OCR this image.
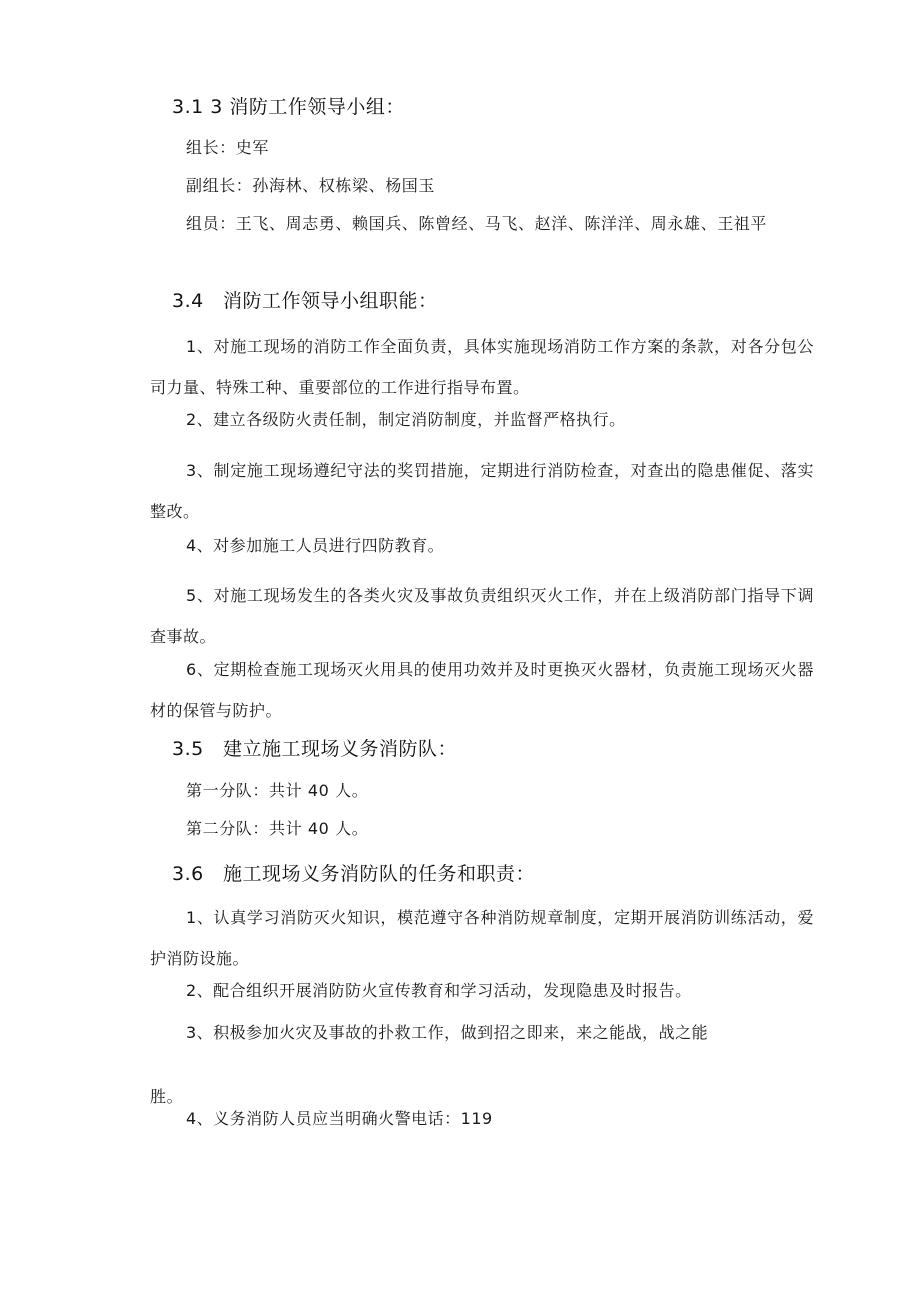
3.1 3 消防工作领导小组：
组长：史军
副组长：孙海林、权栋梁、杨国玉
组员：王飞、周志勇、赖国兵、陈曾经、马飞、赵洋、陈洋洋、周永雄、王祖平
3.4 消防工作领导小组职能：
1、对施工现场的消防工作全面负责，具体实施现场消防工作方案的条款，对各分包公司力量、特殊工种、重要部位的工作进行指导布置。
2、建立各级防火责任制，制定消防制度，并监督严格执行。
3、制定施工现场遵纪守法的奖罚措施，定期进行消防检查，对查出的隐患催促、落实整改。
4、对参加施工人员进行四防教育。
5、对施工现场发生的各类火灾及事故负责组织灭火工作，并在上级消防部门指导下调查事故。
6、定期检查施工现场灭火用具的使用功效并及时更换灭火器材，负责施工现场灭火器材的保管与防护。
3.5 建立施工现场义务消防队：
第一分队：共计 40 人。
第二分队：共计 40 人。
3.6 施工现场义务消防队的任务和职责：
1、认真学习消防灭火知识，模范遵守各种消防规章制度，定期开展消防训练活动，爱护消防设施。
2、配合组织开展消防防火宣传教育和学习活动，发现隐患及时报告。
3、积极参加火灾及事故的扑救工作，做到招之即来，来之能战，战之能
胜。
4、义务消防人员应当明确火警电话：119
